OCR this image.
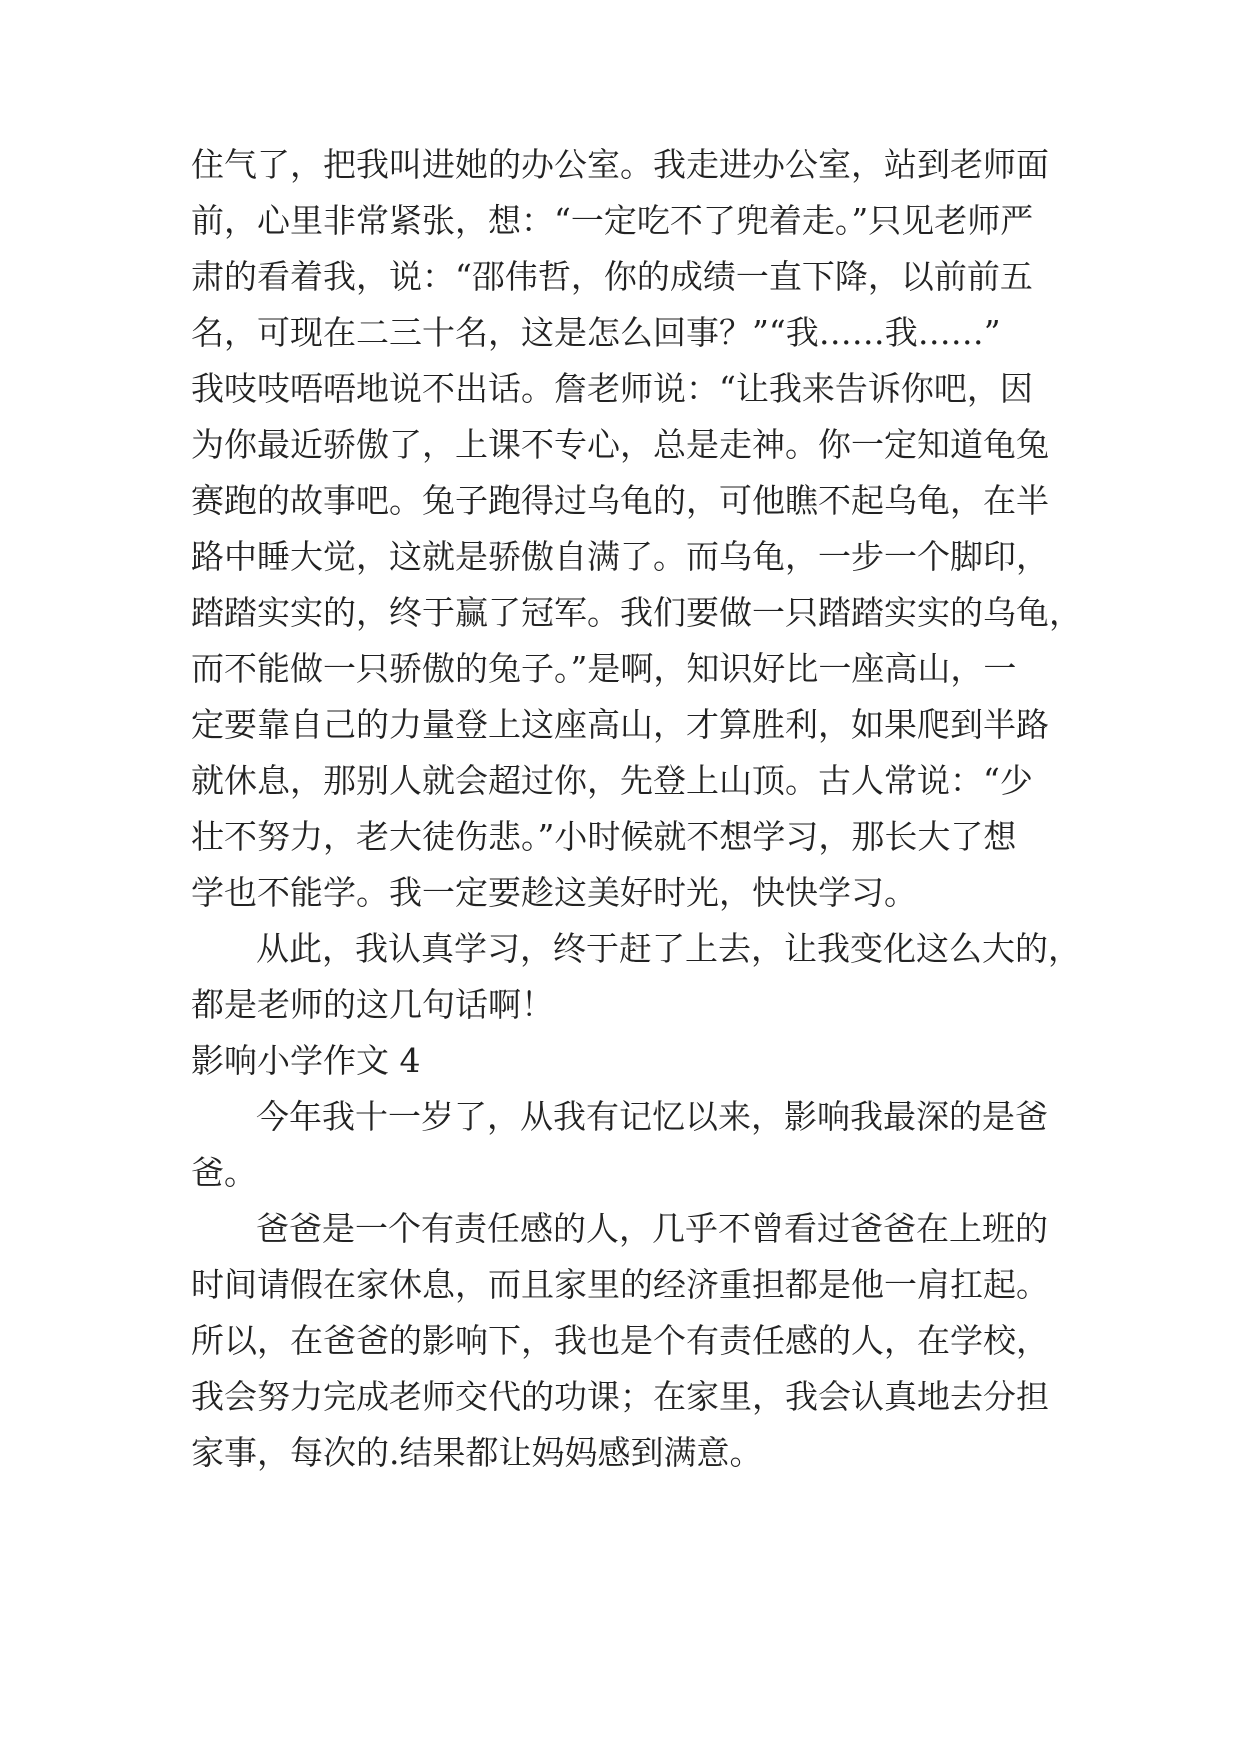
住气了，把我叫进她的办公室。我走进办公室，站到老师面
前，心里非常紧张，想：“一定吃不了兜着走。”只见老师严
肃的看着我，说：“邵伟哲，你的成绩一直下降，以前前五
名，可现在二三十名，这是怎么回事？”“我……我……”
我吱吱唔唔地说不出话。詹老师说：“让我来告诉你吧，因
为你最近骄傲了，上课不专心，总是走神。你一定知道龟兔
赛跑的故事吧。兔子跑得过乌龟的，可他瞧不起乌龟，在半
路中睡大觉，这就是骄傲自满了。而乌龟，一步一个脚印，
踏踏实实的，终于赢了冠军。我们要做一只踏踏实实的乌龟，
而不能做一只骄傲的兔子。”是啊，知识好比一座高山，一
定要靠自己的力量登上这座高山，才算胜利，如果爬到半路
就休息，那别人就会超过你，先登上山顶。古人常说：“少
壮不努力，老大徒伤悲。”小时候就不想学习，那长大了想
学也不能学。我一定要趁这美好时光，快快学习。
从此，我认真学习，终于赶了上去，让我变化这么大的，
都是老师的这几句话啊！
影响小学作文 4
今年我十一岁了，从我有记忆以来，影响我最深的是爸
爸。
爸爸是一个有责任感的人，几乎不曾看过爸爸在上班的
时间请假在家休息，而且家里的经济重担都是他一肩扛起。
所以，在爸爸的影响下，我也是个有责任感的人，在学校，
我会努力完成老师交代的功课；在家里，我会认真地去分担
家事，每次的.结果都让妈妈感到满意。
